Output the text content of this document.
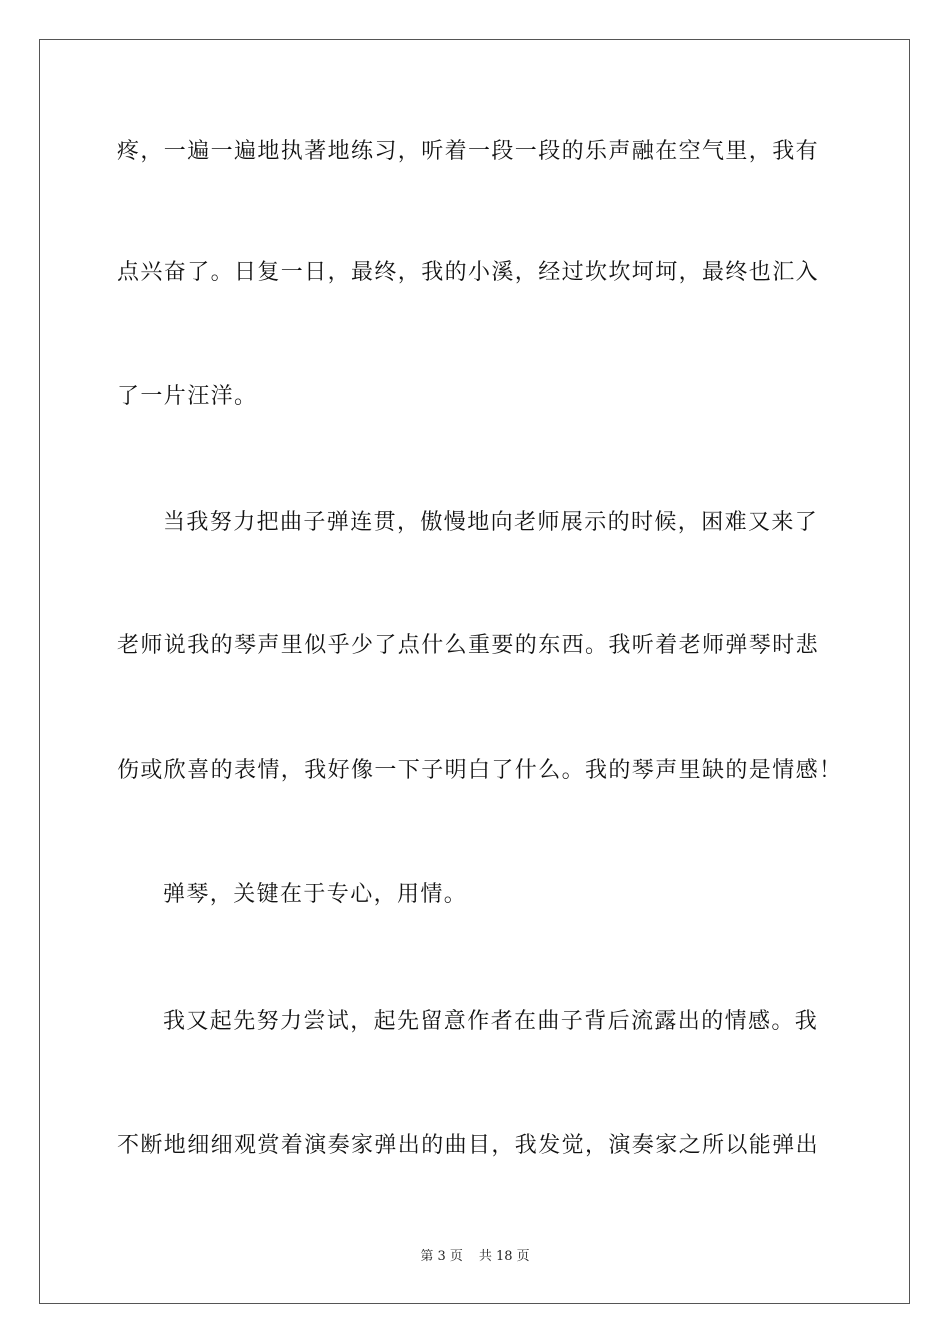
疼，一遍一遍地执著地练习，听着一段一段的乐声融在空气里，我有
点兴奋了。日复一日，最终，我的小溪，经过坎坎坷坷，最终也汇入
了一片汪洋。
当我努力把曲子弹连贯，傲慢地向老师展示的时候，困难又来了
老师说我的琴声里似乎少了点什么重要的东西。我听着老师弹琴时悲
伤或欣喜的表情，我好像一下子明白了什么。我的琴声里缺的是情感！
弹琴，关键在于专心，用情。
我又起先努力尝试，起先留意作者在曲子背后流露出的情感。我
不断地细细观赏着演奏家弹出的曲目，我发觉，演奏家之所以能弹出
第 3 页 共 18 页
